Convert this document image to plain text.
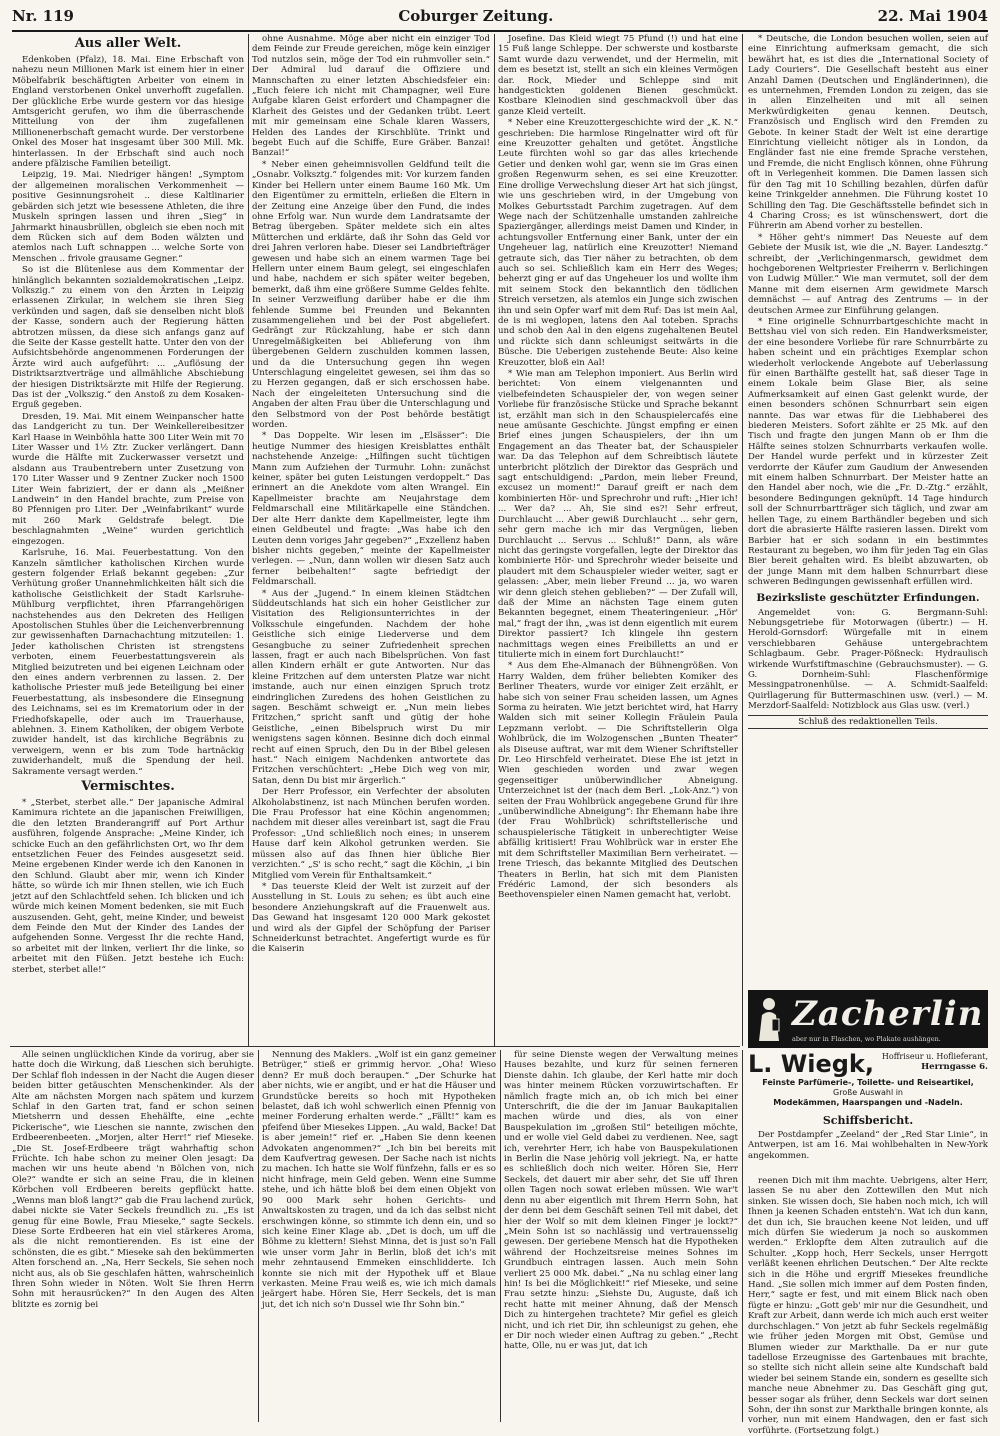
Nr. 119	Coburger Zeitung.	22. Mai 1904
Aus aller Welt.

Edenkoben (Pfalz), 18. Mai. Eine Erbschaft von nahezu neun Millionen Mark ist einem hier in einer Möbelfabrik beschäftigten Arbeiter von einem in England verstorbenen Onkel unverhofft zugefallen. Der glückliche Erbe wurde gestern vor das hiesige Amtsgericht gerufen, wo ihm die überraschende Mitteilung von der ihm zugefallenen Millionenerbschaft gemacht wurde. Der verstorbene Onkel des Moser hat insgesamt über 300 Mill. Mk. hinterlassen. In der Erbschaft sind auch noch andere pfälzische Familien beteiligt.

Leipzig, 19. Mai. Niedriger hängen! „Symptom der allgemeinen moralischen Verkommenheit — positive Gesinnungsroheit .. diese Kaltlinarier gebärden sich jetzt wie besessene Athleten, die ihre Muskeln springen lassen und ihren „Sieg“ in Jahrmarkt hinausbrüllen, obgleich sie eben noch mit dem Rücken sich auf dem Boden wälzten und atemlos nach Luft schnappen ... welche Sorte von Menschen .. frivole grausame Gegner.“

So ist die Blütenlese aus dem Kommentar der hinlänglich bekannten sozialdemokratischen „Leipz. Volkszig.“ zu einem von den Ärzten in Leipzig erlassenen Zirkular, in welchem sie ihren Sieg verkünden und sagen, daß sie denselben nicht bloß der Kasse, sondern auch der Regierung hätten abtrotzen müssen, da diese sich anfangs ganz auf die Seite der Kasse gestellt hatte. Unter den von der Aufsichtsbehörde angenommenen Forderungen der Ärzte wird auch aufgeführt: ... „Auflösung der Distriktsarztverträge und allmähliche Abschiebung der hiesigen Distriktsärzte mit Hilfe der Regierung. Das ist der „Volkszig.“ den Anstoß zu dem Kosaken-Erguß gegeben.

Dresden, 19. Mai. Mit einem Weinpanscher hatte das Landgericht zu tun. Der Weinkellereibesitzer Karl Haase in Weinböhla hatte 300 Liter Wein mit 70 Liter Wasser und 1½ Ztr. Zucker verlängert. Dann wurde die Hälfte mit Zuckerwasser versetzt und alsdann aus Traubentrebern unter Zusetzung von 170 Liter Wasser und 9 Zentner Zucker noch 1500 Liter Wein fabriziert, der er dann als „Meißner Landwein“ in den Handel brachte, zum Preise von 80 Pfennigen pro Liter. Der „Weinfabrikant“ wurde mit 260 Mark Geldstrafe belegt. Die beschlagnahmten „Weine“ wurden gerichtlich eingezogen.

Karlsruhe, 16. Mai. Feuerbestattung. Von den Kanzeln sämtlicher katholischen Kirchen wurde gestern folgender Erlaß bekannt gegeben: „Zur Verhütung großer Unannehmlichkeiten hält sich die katholische Geistlichkeit der Stadt Karlsruhe-Mühlburg verpflichtet, ihren Pfarrangehörigen nachstehendes aus den Dekreten des Heiligen Apostolischen Stuhles über die Leichenverbrennung zur gewissenhaften Darnachachtung mitzuteilen: 1. Jeder katholischen Christen ist strengstens verboten, einem Feuerbestattungsverein als Mitglied beizutreten und bei eigenen Leichnam oder den eines andern verbrennen zu lassen. 2. Der katholische Priester muß jede Beteiligung bei einer Feuerbestattung, als insbesondere die Einsegnung des Leichnams, sei es im Krematorium oder in der Friedhofskapelle, oder auch im Trauerhause, ablehnen. 3. Einem Katholiken, der obigem Verbote zuwider handelt, ist das kirchliche Begräbnis zu verweigern, wenn er bis zum Tode hartnäckig zuwiderhandelt, muß die Spendung der heil. Sakramente versagt werden.“

Vermischtes.

* „Sterbet, sterbet alle.“ Der japanische Admiral Kamimura richtete an die japanischen Freiwilligen, die den letzten Branderangriff auf Port Arthur ausführen, folgende Ansprache: „Meine Kinder, ich schicke Euch an den gefährlichsten Ort, wo Ihr dem entsetzlichen Feuer des Feindes ausgesetzt seid. Meine ergebenen Kinder werde ich den Kanonen in den Schlund. Glaubt aber mir, wenn ich Kinder hätte, so würde ich mir Ihnen stellen, wie ich Euch jetzt auf den Schlachtfeld sehen. Ich blicken und ich würde mich keinen Moment bedenken, sie mit Euch auszusenden. Geht, geht, meine Kinder, und beweist dem Feinde den Mut der Kinder des Landes der aufgehenden Sonne. Vergesst Ihr die rechte Hand, so arbeitet mit der linken, verliert Ihr die linke, so arbeitet mit den Füßen. Jetzt bestehe ich Euch: sterbet, sterbet alle!“

ohne Ausnahme. Möge aber nicht ein einziger Tod dem Feinde zur Freude gereichen, möge kein einziger Tod nutzlos sein, möge der Tod ein ruhmvoller sein.“ Der Admiral lud darauf die Offiziere und Mannschaften zu einer letzten Abschiedsfeier ein: „Euch feiere ich nicht mit Champagner, weil Eure Aufgabe klaren Geist erfordert und Champagner die Klarheit des Geistes und der Gedanken trübt. Leert mit mir gemeinsam eine Schale klaren Wassers, Helden des Landes der Kirschblüte. Trinkt und begebt Euch auf die Schiffe, Eure Gräber. Banzai! Banzai!“

* Neber einen geheimnisvollen Geldfund teilt die „Osnabr. Volksztg.“ folgendes mit: Vor kurzem fanden Kinder bei Hellern unter einem Baume 160 Mk. Um den Eigentümer zu ermitteln, erließen die Eltern in der Zeitung eine Anzeige über den Fund, die indes ohne Erfolg war. Nun wurde dem Landratsamte der Betrag übergeben. Später meldete sich ein altes Mütterchen und erklärte, daß ihr Sohn das Geld vor drei Jahren verloren habe. Dieser sei Landbriefträger gewesen und habe sich an einem warmen Tage bei Hellern unter einem Baum gelegt, sei eingeschlafen und habe, nachdem er sich später weiter begeben, bemerkt, daß ihm eine größere Summe Geldes fehlte. In seiner Verzweiflung darüber habe er die ihm fehlende Summe bei Freunden und Bekannten zusammengeliehen und bei der Post abgeliefert. Gedrängt zur Rückzahlung, habe er sich dann Unregelmäßigkeiten bei Ablieferung von ihm übergebenen Geldern zuschulden kommen lassen, und da die Untersuchung gegen ihn wegen Unterschlagung eingeleitet gewesen, sei ihm das so zu Herzen gegangen, daß er sich erschossen habe. Nach der eingeleiteten Untersuchung sind die Angaben der alten Frau über die Unterschlagung und den Selbstmord von der Post behörde bestätigt worden.

* Das Doppelte. Wir lesen im „Elsässer“: Die heutige Nummer des hiesigen Kreisblattes enthält nachstehende Anzeige: „Hilfingen sucht tüchtigen Mann zum Aufziehen der Turmuhr. Lohn: zunächst keiner, später bei guten Leistungen verdoppelt.“ Das erinnert an die Anekdote vom alten Wrangel. Ein Kapellmeister brachte am Neujahrstage dem Feldmarschall eine Militärkapelle eine Ständchen. Der alte Herr dankte dem Kapellmeister, legte ihm einen Geldbeutel und fragte: „Was habe ich den Leuten denn voriges Jahr gegeben?“ „Exzellenz haben bisher nichts gegeben,“ meinte der Kapellmeister verlegen. — „Nun, dann wollen wir diesen Satz auch ferner beibehalten!“ sagte befriedigt der Feldmarschall.

* Aus der „Jugend.“ In einem kleinen Städtchen Süddeutschlands hat sich ein hoher Geistlicher zur Visitation des Religionsunterrichtes in der Volksschule eingefunden. Nachdem der hohe Geistliche sich einige Liederverse und dem Gesangbuche zu seiner Zufriedenheit sprechen lassen, fragt er auch nach Bibelsprüchen. Von fast allen Kindern erhält er gute Antworten. Nur das kleine Fritzchen auf dem untersten Platze war nicht imstande, auch nur einen einzigen Spruch trotz eindringlichen Zuredens des hohen Geistlichen zu sagen. Beschämt schweigt er. „Nun mein liebes Fritzchen,“ spricht sanft und gütig der hohe Geistliche, „einen Bibelspruch wirst Du mir wenigstens sagen können. Besinne dich doch einmal recht auf einen Spruch, den Du in der Bibel gelesen hast.“ Nach einigem Nachdenken antwortete das Fritzchen verschüchtert: „Hebe Dich weg von mir, Satan, denn Du bist mir ärgerlich.“

Der Herr Professor, ein Verfechter der absoluten Alkoholabstinenz, ist nach München berufen worden. Die Frau Professor hat eine Köchin angenommen; nachdem mit dieser alles vereinbart ist, sagt die Frau Professor: „Und schließlich noch eines; in unserem Hause darf kein Alkohol getrunken werden. Sie müssen also auf das Ihnen hier übliche Bier verzichten.“ „S' is scho recht,“ sagt die Köchin, „i bin Mitglied vom Verein für Enthaltsamkeit.“

* Das teuerste Kleid der Welt ist zurzeit auf der Ausstellung in St. Louis zu sehen; es übt auch eine besondere Anziehungskraft auf die Frauenwelt aus. Das Gewand hat insgesamt 120 000 Mark gekostet und wird als der Gipfel der Schöpfung der Pariser Schneiderkunst betrachtet. Angefertigt wurde es für die Kaiserin

Josefine. Das Kleid wiegt 75 Pfund (!) und hat eine 15 Fuß lange Schleppe. Der schwerste und kostbarste Samt wurde dazu verwendet, und der Hermelin, mit dem es besetzt ist, stellt an sich ein kleines Vermögen dar. Rock, Mieder und Schleppe sind mit handgestickten goldenen Bienen geschmückt. Kostbare Kleinodien sind geschmackvoll über das ganze Kleid verteilt.

* Neber eine Kreuzottergeschichte wird der „K. N.“ geschrieben: Die harmlose Ringelnatter wird oft für eine Kreuzotter gehalten und getötet. Ängstliche Leute fürchten wohl so gar das alles kriechende Getier und denken wohl gar, wenn sie im Gras einen großen Regenwurm sehen, es sei eine Kreuzotter. Eine drollige Verwechslung dieser Art hat sich jüngst, wie uns geschrieben wird, in der Umgebung von Molkes Geburtsstadt Parchim zugetragen. Auf dem Wege nach der Schützenhalle umstanden zahlreiche Spaziergänger, allerdings meist Damen und Kinder, in achtungsvoller Entfernung einer Bank, unter der ein Ungeheuer lag, natürlich eine Kreuzotter! Niemand getraute sich, das Tier näher zu betrachten, ob dem auch so sei. Schließlich kam ein Herr des Weges; beherzt ging er auf das Ungeheuer los und wollte ihm mit seinem Stock den bekanntlich den tödlichen Streich versetzen, als atemlos ein Junge sich zwischen ihn und sein Opfer warf mit dem Ruf: Das ist mein Aal, de is mi weglopen, latens den Aal toteben. Sprachs und schob den Aal in den eigens zugehaltenen Beutel und rückte sich dann schleunigst seitwärts in die Büsche. Die Ueberigen zustehende Beute: Also keine Kreuzotter, bloß ein Aal!

* Wie man am Telephon imponiert. Aus Berlin wird berichtet: Von einem vielgenannten und vielbefeindeten Schauspieler der, von wegen seiner Vorliebe für französische Stücke und Sprache bekannt ist, erzählt man sich in den Schauspielercafés eine neue amüsante Geschichte. Jüngst empfing er einen Brief eines jungen Schauspielers, der ihn um Engagement an das Theater bat, der Schauspieler war. Da das Telephon auf dem Schreibtisch läutete unterbricht plötzlich der Direktor das Gespräch und sagt entschuldigend: „Pardon, mein lieber Freund, excusez un moment!“ Darauf greift er nach dem kombinierten Hör- und Sprechrohr und ruft: „Hier ich! ... Wer da? ... Ah, Sie sind es?! Sehr erfreut, Durchlaucht ... Aber gewiß Durchlaucht ... sehr gern, sehr gern mache ich mir das Vergnügen, lieben Durchlaucht ... Servus ... Schluß!“ Dann, als wäre nicht das geringste vorgefallen, legte der Direktor das kombinierte Hör- und Sprechrohr wieder beiseite und plaudert mit dem Schauspieler wieder weiter, sagt er gelassen: „Aber, mein lieber Freund ... ja, wo waren wir denn gleich stehen geblieben?“ — Der Zufall will, daß der Mime an nächsten Tage einem guten Bekannten begegnet, einem Theateringenieur. „Hör' mal,“ fragt der ihn, „was ist denn eigentlich mit eurem Direktor passiert? Ich klingele ihn gestern nachmittags wegen eines Freibilletts an und er titulierte mich in einem fort Durchlaucht!“

* Aus dem Ehe-Almanach der Bühnengrößen. Von Harry Walden, dem früher beliebten Komiker des Berliner Theaters, wurde vor einiger Zeit erzählt, er habe sich von seiner Frau scheiden lassen, um Agnes Sorma zu heiraten. Wie jetzt berichtet wird, hat Harry Walden sich mit seiner Kollegin Fräulein Paula Lepzmann verlobt. — Die Schriftstellerin Olga Wohlbrück, die im Wolzogenschen „Bunten Theater“ als Diseuse auftrat, war mit dem Wiener Schriftsteller Dr. Leo Hirschfeld verheiratet. Diese Ehe ist jetzt in Wien geschieden worden und zwar wegen gegenseitiger unüberwindlicher Abneigung. Unterzeichnet ist der (nach dem Berl. „Lok-Anz.“) von seiten der Frau Wohlbrück angegebene Grund für ihre „unüberwindliche Abneigung“: Ihr Ehemann habe ihre (der Frau Wohlbrück) schriftstellerische und schauspielerische Tätigkeit in unberechtigter Weise abfällig kritisiert! Frau Wohlbrück war in erster Ehe mit dem Schriftsteller Maximilian Bern verheiratet. — Irene Triesch, das bekannte Mitglied des Deutschen Theaters in Berlin, hat sich mit dem Pianisten Frédéric Lamond, der sich besonders als Beethovenspieler einen Namen gemacht hat, verlobt.

* Deutsche, die London besuchen wollen, seien auf eine Einrichtung aufmerksam gemacht, die sich bewährt hat, es ist dies die „International Society of Lady Couriers“. Die Gesellschaft besteht aus einer Anzahl Damen (Deutschen und Engländerinnen), die es unternehmen, Fremden London zu zeigen, das sie in allen Einzelheiten und mit all seinen Merkwürdigkeiten genau kennen. Deutsch, Französisch und Englisch wird den Fremden zu Gebote. In keiner Stadt der Welt ist eine derartige Einrichtung vielleicht nötiger als in London, da Engländer fast nie eine fremde Sprache verstehen, und Fremde, die nicht Englisch können, ohne Führung oft in Verlegenheit kommen. Die Damen lassen sich für den Tag mit 10 Schilling bezahlen, dürfen dafür keine Trinkgelder annehmen. Die Führung kostet 10 Schilling den Tag. Die Geschäftsstelle befindet sich in 4 Charing Cross; es ist wünschenswert, dort die Führerin am Abend vorher zu bestellen.

* Höher geht's nimmer! Das Neueste auf dem Gebiete der Musik ist, wie die „N. Bayer. Landesztg.“ schreibt, der „Verlichingenmarsch, gewidmet dem hochgeborenen Weltpriester Freiherrn v. Berlichingen von Ludwig Müller.“ Wie man vermutet, soll der dem Manne mit dem eisernen Arm gewidmete Marsch demnächst — auf Antrag des Zentrums — in der deutschen Armee zur Einführung gelangen.

* Eine originelle Schnurrbartgeschichte macht in Bettshau viel von sich reden. Ein Handwerksmeister, der eine besondere Vorliebe für rare Schnurrbärte zu haben scheint und ein prächtiges Exemplar schon wiederholt verlockende Angebote auf Ueberlassung für einen Barthälfte gestellt hat, saß dieser Tage in einem Lokale beim Glase Bier, als seine Aufmerksamkeit auf einen Gast gelenkt wurde, der einen besonders schönen Schnurrbart sein eigen nannte. Das war etwas für die Liebhaberei des biederen Meisters. Sofort zählte er 25 Mk. auf den Tisch und fragte den jungen Mann ob er Ihm die Hälfte seines stolzen Schnurrbarts verkaufen wolle. Der Handel wurde perfekt und in kürzester Zeit verdorrte der Käufer zum Gaudium der Anwesenden mit einem halben Schnurrbart. Der Meister hatte an den Handel aber noch, wie die „Fr. D.-Ztg.“ erzählt, besondere Bedingungen geknüpft. 14 Tage hindurch soll der Schnurrbartträger sich täglich, und zwar am hellen Tage, zu einem Barthändler begeben und sich dort die abrasierte Hälfte rasieren lassen. Direkt vom Barbier hat er sich sodann in ein bestimmtes Restaurant zu begeben, wo ihm für jeden Tag ein Glas Bier bereit gehalten wird. Es bleibt abzuwarten, ob der junge Mann mit dem halben Schnurrbart diese schweren Bedingungen gewissenhaft erfüllen wird.

Bezirksliste geschützter Erfindungen.

Angemeldet von: G. Bergmann-Suhl: Nebungsgetriebe für Motorwagen (übertr.) — H. Herold-Gornsdorf: Würgefalle mit in einem verschiebbaren Gehäuse untergebrachtem Schlagbaum. Gebr. Prager-Pößneck: Hydraulisch wirkende Wurfstiftmaschine (Gebrauchsmuster). — G. G. Dornheim-Suhl: Flaschenförmige Messingpatronenhülse. — A. Schmidt-Saalfeld: Quirllagerung für Buttermaschinen usw. (verl.) — M. Merzdorf-Saalfeld: Notizblock aus Glas usw. (verl.)

Schluß des redaktionellen Teils.
Zacherlin
aber nur in Flaschen, wo Plakate aushängen.
L. Wiegk, Hoffriseur u. Hoflieferant,
Herrngasse 6.
Feinste Parfümerie-, Toilette- und Reiseartikel,
Große Auswahl in
Modekämmen, Haarspangen und -Nadeln.
Schiffsbericht.

Der Postdampfer „Zeeland“ der „Red Star Linie“, in Antwerpen, ist am 16. Mai wohlbehalten in New-York angekommen.

Alle seinen unglücklichen Kinde da vorirug, aber sie hatte doch die Wirkung, daß Lieschen sich beruhigte. Der Schlaf floh indessen in der Nacht die Augen dieser beiden bitter getäuschten Menschenkinder. Als der Alte am nächsten Morgen nach spätem und kurzem Schlaf in den Garten trat, fand er schon seinen Mietsherrn und dessen Ehehälfte, eine „echte Pickerische“, wie Lieschen sie nannte, zwischen den Erdbeerenbeeten. „Morjen, alter Herr!“ rief Mieseke. „Die St. Josef-Erdbeere trägt wahrhaftig schon Früchte. Ich habe schon zu meiner Olen jesagt: Da machen wir uns heute abend 'n Bölchen von, nich Ole?“ wandte er sich an seine Frau, die in kleinen Körbchen voll Erdbeeren bereits gepflückt hatte. „Wenns man bloß langt?“ gab die Frau lachend zurück, dabei nickte sie Vater Seckels freundlich zu. „Es ist genug für eine Bowle, Frau Mieseke,“ sagte Seckels. Diese Sorte Erdbeeren hat ein viel stärkeres Aroma, als die nicht remontierenden. Es ist eine der schönsten, die es gibt.“ Mieseke sah den bekümmerten Alten forschend an. „Na, Herr Seckels, Sie sehen noch nicht aus, als ob Sie geschlafen hätten, wahrscheinlich Ihren Sohn wieder in Nöten. Wolt Sie Ihren Herrn Sohn mit herausrücken?“ In den Augen des Alten blitzte es zornig bei

Nennung des Maklers. „Wolf ist ein ganz gemeiner Betrüger,“ stieß er grimmig hervor. „Oha! Wieso denn? Er muß doch beraupen.“ „Der Schurke hat aber nichts, wie er angibt, und er hat die Häuser und Grundstücke bereits so hoch mit Hypotheken belastet, daß ich wohl schwerlich einen Pfennig von meiner Forderung erhalten werde.“ „Fällt!“ kam es pfeifend über Miesekes Lippen. „Au wald, Backe! Dat is aber jemein!“ rief er. „Haben Sie denn keenen Advokaten angenommen?“ „Ich bin bei bereits mit dem Kaufvertrag gewesen. Der Sache nach ist nichts zu machen. Ich hatte sie Wolf fünfzehn, falls er es so nicht hinfrage, mein Geld geben. Wenn eine Summe stehe, und ich hätte bloß bei dem einen Objekt von 90 000 Mark sehr hohen Gerichts- und Anwaltskosten zu tragen, und da ich das selbst nicht erschwingen könne, so stimmte ich denn ein, und so sich keine Einer Klage ab. „Det is doch, um uff die Böhme zu klettern! Siehst Minna, det is just so'n Fall wie unser vorm Jahr in Berlin, bloß det ich's mit mehr zehntausend Emmeken einschlidderte. Ich konnte sie nich mit der Hypothek uff et Blaue verkasten. Meine Frau weiß es, wie ich mich damals jeärgert habe. Hören Sie, Herr Seckels, det is man jut, det ich nich so'n Dussel wie Ihr Sohn bin.“

für seine Dienste wegen der Verwaltung meines Hauses bezahlte, und kurz für seinen ferneren Dienste dahin. Ich glaube, der Kerl hatte mir doch was hinter meinem Rücken vorzuwirtschaften. Er nämlich fragte mich an, ob ich mich bei einer Unterschrift, die die der im Januar Baukapitalien machen würde und dies, als von einer Bauspekulation im „großen Stil“ beteiligen möchte, und er wolle viel Geld dabei zu verdienen. Nee, sagt ich, verehrter Herr, ich habe von Bauspekulationen in Berlin die Nase jehörig voll jekriegt. Na, er hatte es schließlich doch nich weiter. Hören Sie, Herr Seckels, det dauert mir aber sehr, det Sie uff Ihren ollen Tagen noch sowat erleben müssen. Wie war't denn nu aber eigentlich mit Ihrem Herrn Sohn, hat der denn bei dem Geschäft seinen Teil mit dabei, det hier der Wolf so mit dem kleinen Finger je lockt?“ „Mein Sohn ist so nachlässig und vertrauensselig gewesen. Der geriebene Mensch hat die Hypotheken während der Hochzeitsreise meines Sohnes im Grundbuch eintragen lassen. Auch mein Sohn verliert 25 000 Mk. dabei.“ „Na nu schlag einer lang hin! Is bei die Möglichkeit!“ rief Mieseke, und seine Frau setzte hinzu: „Siehste Du, Auguste, daß ich recht hatte mit meiner Ahnung, daß der Mensch Dich zu hintergehen trachtete? Mir gefiel es gleich nicht, und ich riet Dir, ihn schleunigst zu gehen, ehe er Dir noch wieder einen Auftrag zu geben.“ „Recht hatte, Olle, nu er was jut, dat ich

reenen Dich mit ihm machte. Uebrigens, alter Herr, lassen Se nu aber den Zottewillen den Mut nich sinken. Sie wissen doch, Sie haben noch mich, ich will Ihnen ja keenen Schaden entsteh'n. Wat ich dun kann, det dun ich, Sie brauchen keene Not leiden, und uff mich dürfen Sie wiederum ja noch so auskommen werden.“ Erklopfte dem Alten zutraulich auf die Schulter. „Kopp hoch, Herr Seckels, unser Herrgott verläßt keenen ehrlichen Deutschen.“ Der Alte reckte sich in die Höhe und ergriff Miesekes freundliche Hand. „Sie sollen mich immer auf dem Posten finden, Herr,“ sagte er fest, und mit einem Blick nach oben fügte er hinzu: „Gott geb' mir nur die Gesundheit, und Kraft zur Arbeit, dann werde ich mich auch erst weiter durchschlagen.“ Von jetzt ab fuhr Seckels regelmäßig wie früher jeden Morgen mit Obst, Gemüse und Blumen wieder zur Markthalle. Da er nur gute tadellose Erzeugnisse des Gartenbaues mit brachte, so stellte sich nicht allein seine alte Kundschaft bald wieder bei seinem Stande ein, sondern es gesellte sich manche neue Abnehmer zu. Das Geschäft ging gut, besser sogar als früher, denn Seckels war dort seinen Sohn, der ihn sonst zur Markthalle bringen konnte, als vorher, nun mit einem Handwagen, den er fast sich vorführte. (Fortsetzung folgt.)
